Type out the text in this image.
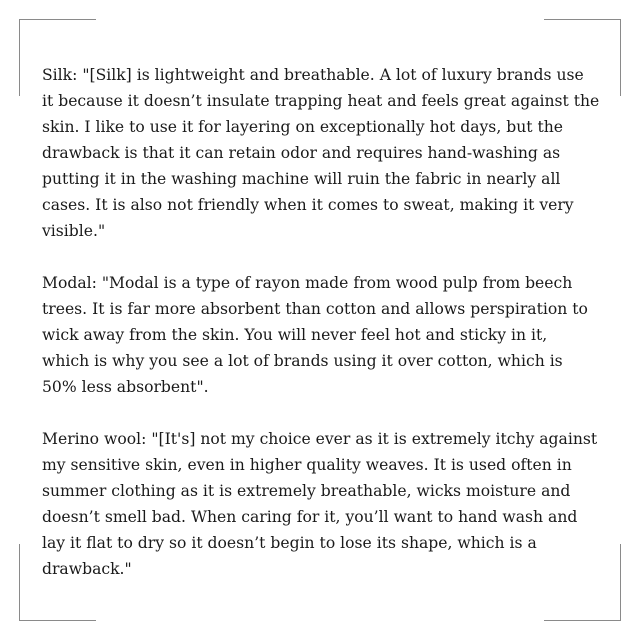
Silk: "[Silk] is lightweight and breathable. A lot of luxury brands use
it because it doesn’t insulate trapping heat and feels great against the
skin. I like to use it for layering on exceptionally hot days, but the
drawback is that it can retain odor and requires hand-washing as
putting it in the washing machine will ruin the fabric in nearly all
cases. It is also not friendly when it comes to sweat, making it very
visible."

Modal: "Modal is a type of rayon made from wood pulp from beech
trees. It is far more absorbent than cotton and allows perspiration to
wick away from the skin. You will never feel hot and sticky in it,
which is why you see a lot of brands using it over cotton, which is
50% less absorbent".

Merino wool: "[It's] not my choice ever as it is extremely itchy against
my sensitive skin, even in higher quality weaves. It is used often in
summer clothing as it is extremely breathable, wicks moisture and
doesn’t smell bad. When caring for it, you’ll want to hand wash and
lay it flat to dry so it doesn’t begin to lose its shape, which is a
drawback."
